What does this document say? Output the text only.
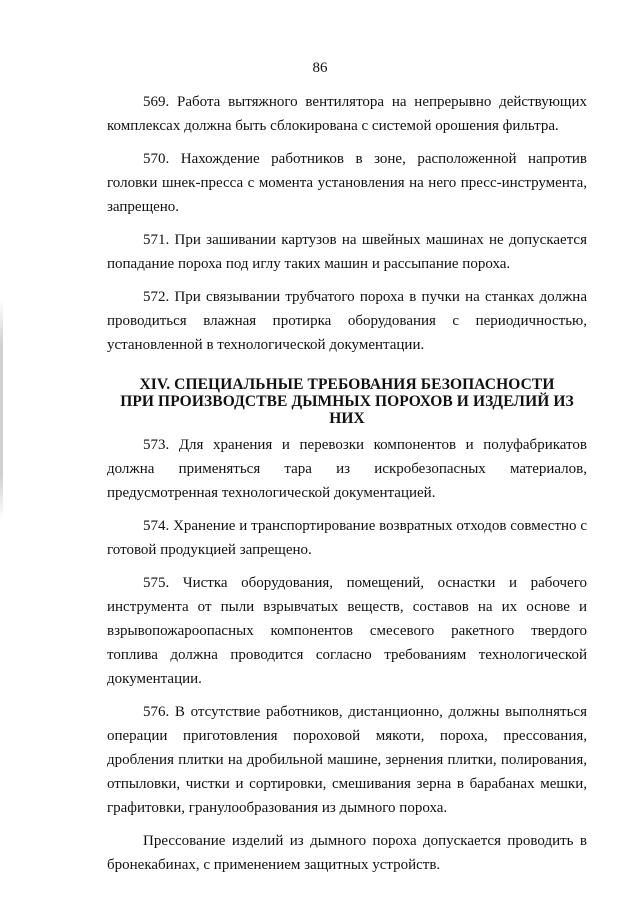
86

569. Работа вытяжного вентилятора на непрерывно действующих комплексах должна быть сблокирована с системой орошения фильтра.

570. Нахождение работников в зоне, расположенной напротив головки шнек-пресса с момента установления на него пресс-инструмента, запрещено.

571. При зашивании картузов на швейных машинах не допускается попадание пороха под иглу таких машин и рассыпание пороха.

572. При связывании трубчатого пороха в пучки на станках должна проводиться влажная протирка оборудования с периодичностью, установленной в технологической документации.

XIV. СПЕЦИАЛЬНЫЕ ТРЕБОВАНИЯ БЕЗОПАСНОСТИ
ПРИ ПРОИЗВОДСТВЕ ДЫМНЫХ ПОРОХОВ И ИЗДЕЛИЙ ИЗ НИХ

573. Для хранения и перевозки компонентов и полуфабрикатов должна применяться тара из искробезопасных материалов, предусмотренная технологической документацией.

574. Хранение и транспортирование возвратных отходов совместно с готовой продукцией запрещено.

575. Чистка оборудования, помещений, оснастки и рабочего инструмента от пыли взрывчатых веществ, составов на их основе и взрывопожароопасных компонентов смесевого ракетного твердого топлива должна проводится согласно требованиям технологической документации.

576. В отсутствие работников, дистанционно, должны выполняться операции приготовления пороховой мякоти, пороха, прессования, дробления плитки на дробильной машине, зернения плитки, полирования, отпыловки, чистки и сортировки, смешивания зерна в барабанах мешки, графитовки, гранулообразования из дымного пороха.

Прессование изделий из дымного пороха допускается проводить в бронекабинах, с применением защитных устройств.
